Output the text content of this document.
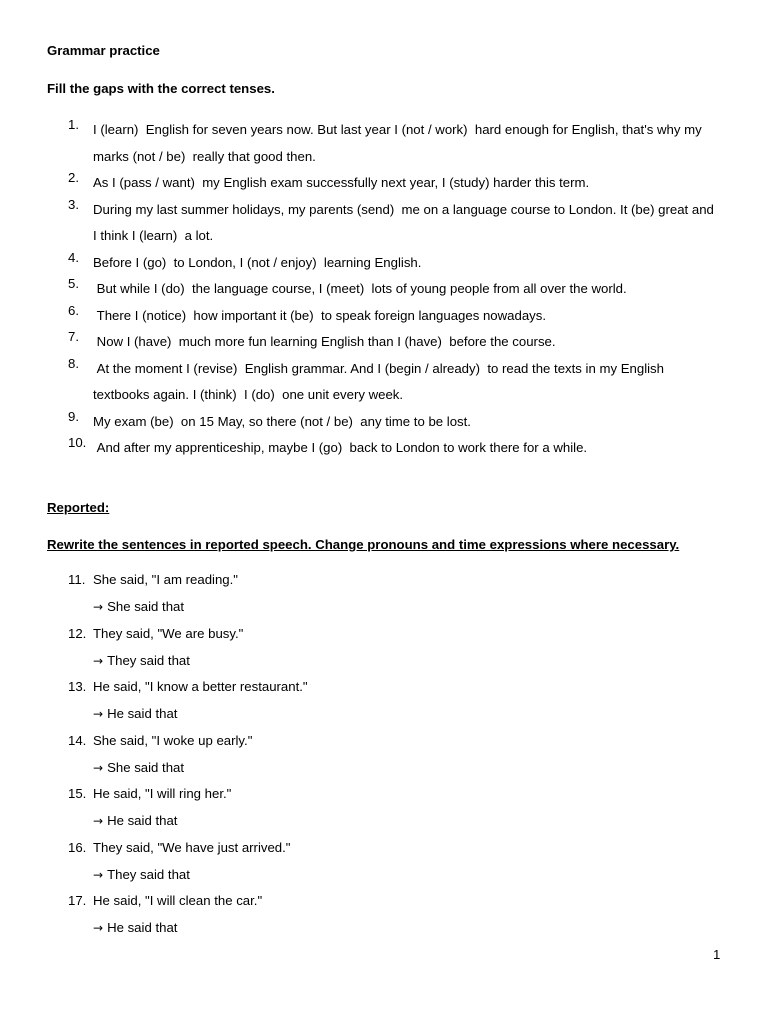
Grammar practice
Fill the gaps with the correct tenses.
1. I (learn)  English for seven years now. But last year I (not / work)  hard enough for English, that's why my marks (not / be)  really that good then.
2. As I (pass / want)  my English exam successfully next year, I (study) harder this term.
3. During my last summer holidays, my parents (send)  me on a language course to London. It (be) great and I think I (learn)  a lot.
4. Before I (go)  to London, I (not / enjoy)  learning English.
5. But while I (do)  the language course, I (meet)  lots of young people from all over the world.
6. There I (notice)  how important it (be)  to speak foreign languages nowadays.
7. Now I (have)  much more fun learning English than I (have)  before the course.
8. At the moment I (revise)  English grammar. And I (begin / already)  to read the texts in my English textbooks again. I (think)  I (do)  one unit every week.
9. My exam (be)  on 15 May, so there (not / be)  any time to be lost.
10. And after my apprenticeship, maybe I (go)  back to London to work there for a while.
Reported:
Rewrite the sentences in reported speech. Change pronouns and time expressions where necessary.
11. She said, "I am reading."
→ She said that
12. They said, "We are busy."
→ They said that
13. He said, "I know a better restaurant."
→ He said that
14. She said, "I woke up early."
→ She said that
15. He said, "I will ring her."
→ He said that
16. They said, "We have just arrived."
→ They said that
17. He said, "I will clean the car."
→ He said that
1
